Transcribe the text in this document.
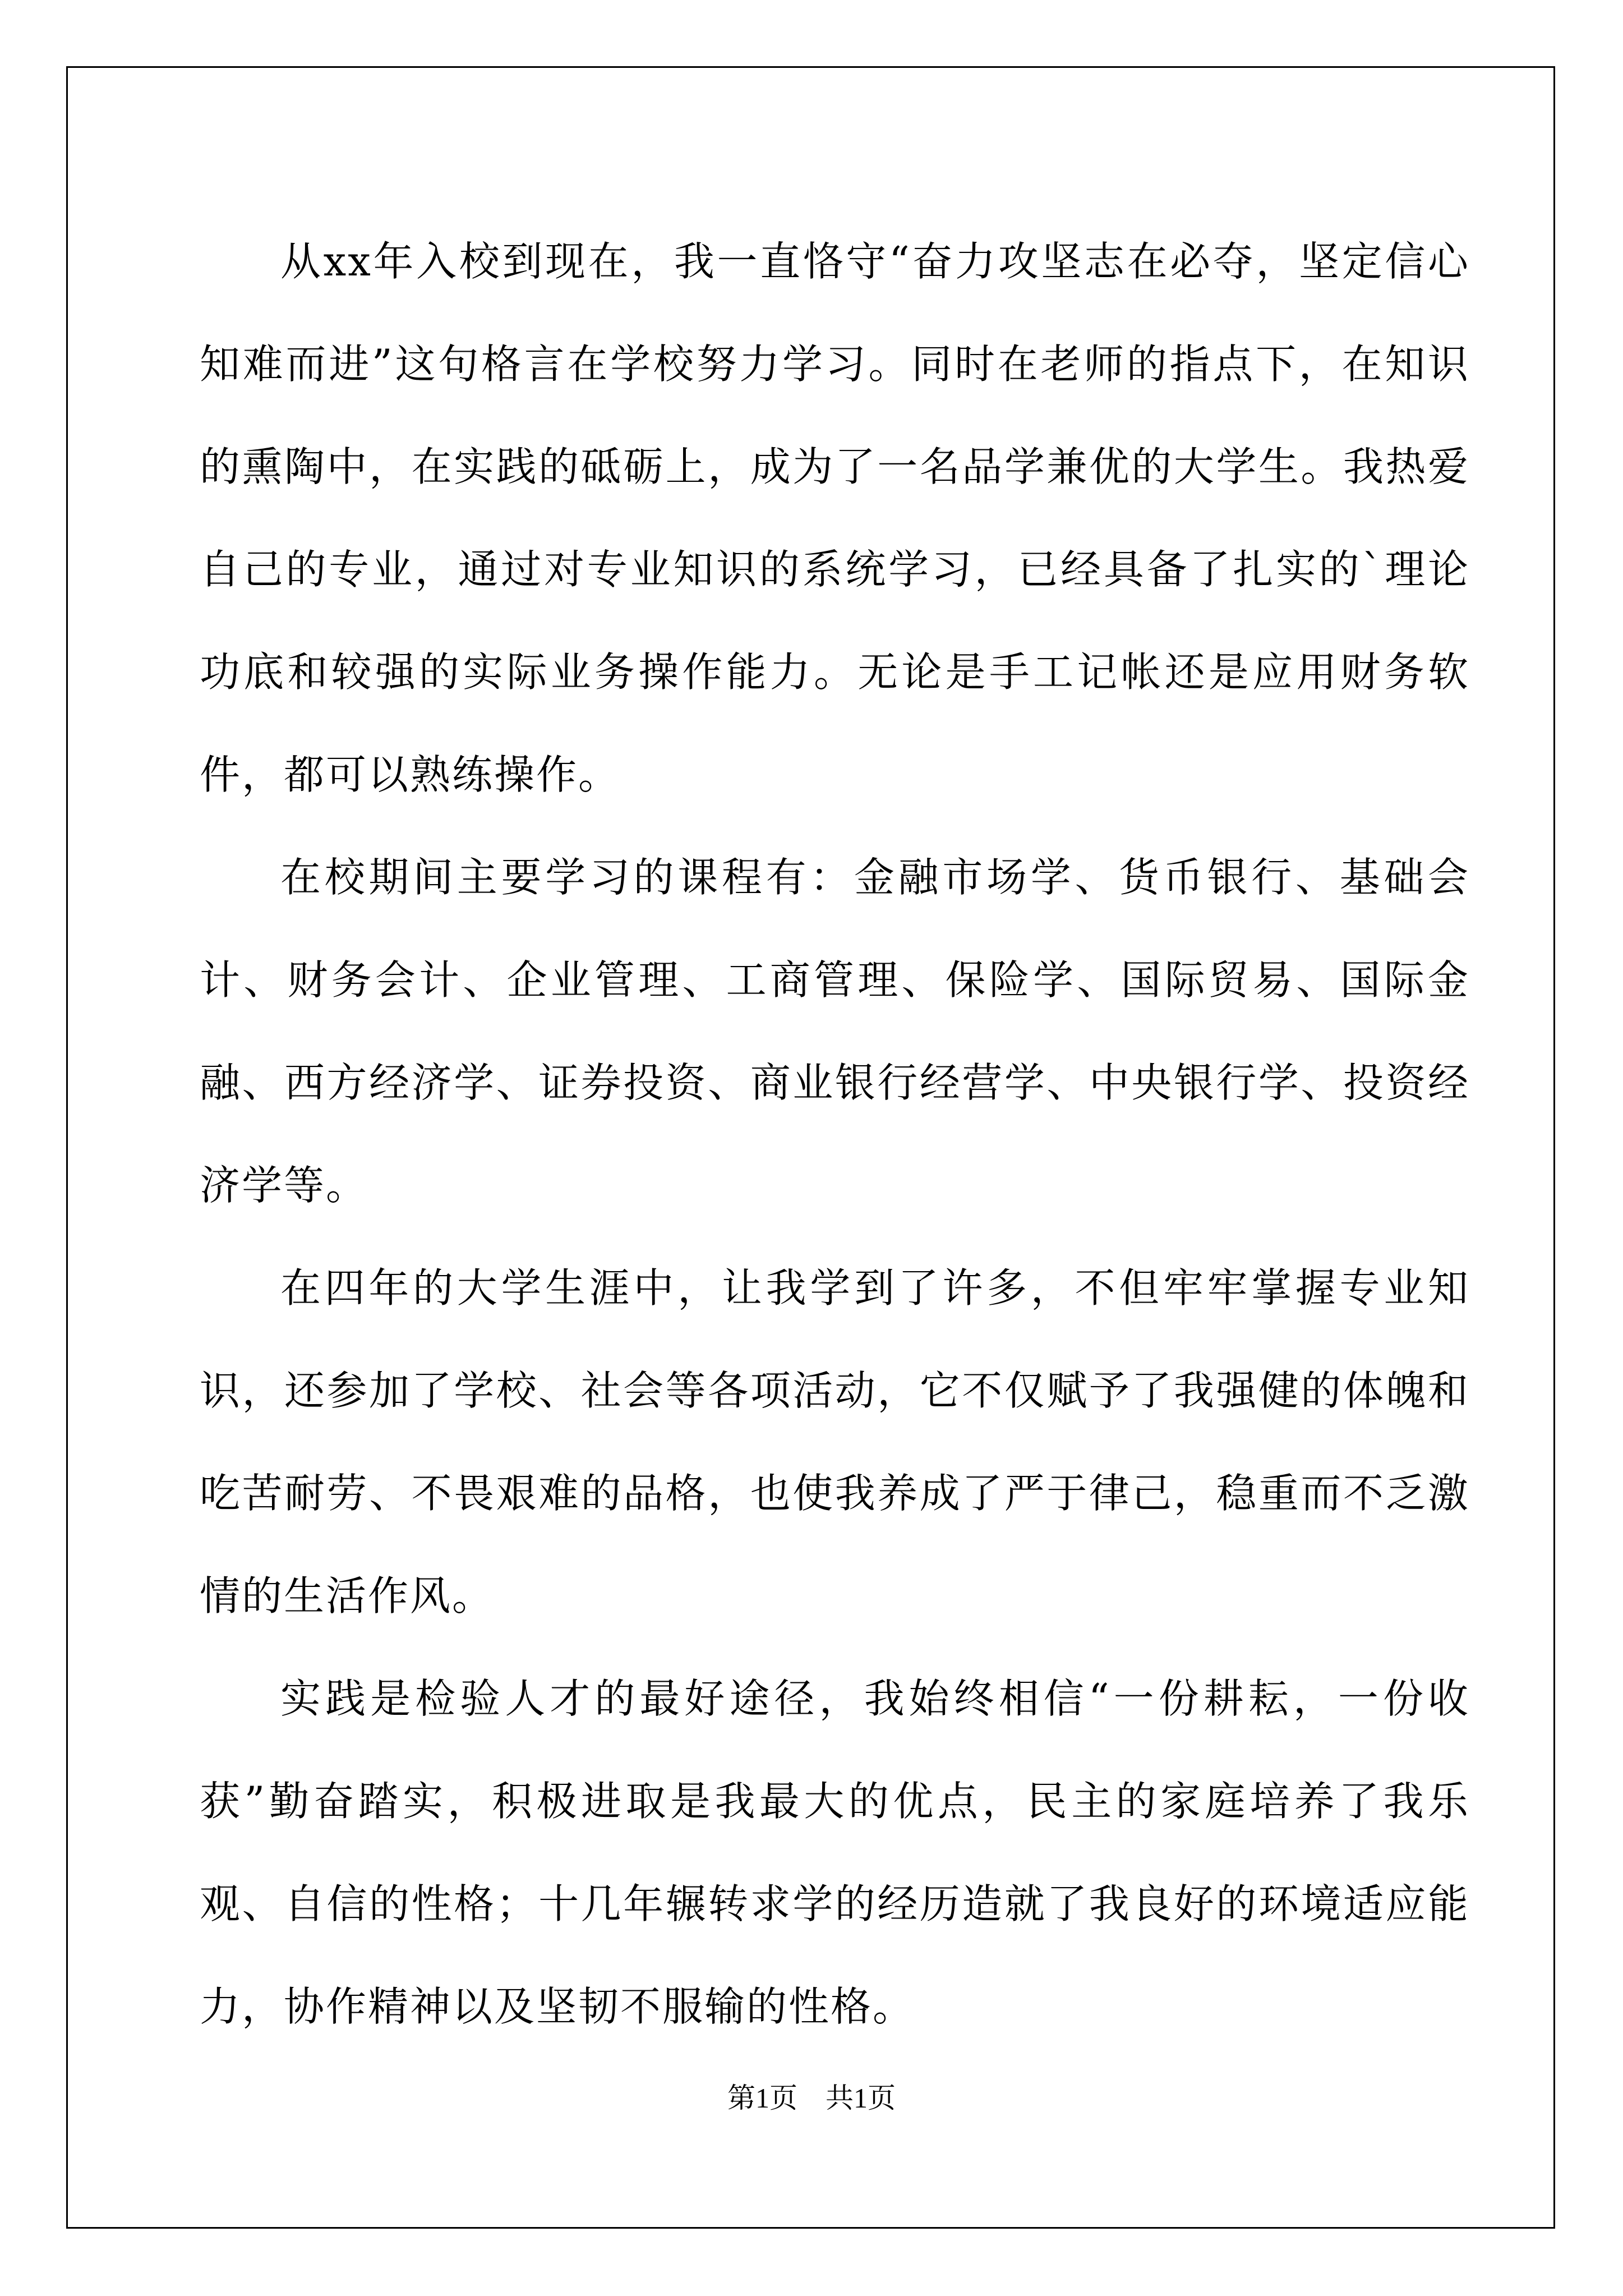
从xx年入校到现在，我一直恪守“奋力攻坚志在必夺，坚定信心知难而进”这句格言在学校努力学习。同时在老师的指点下，在知识的熏陶中，在实践的砥砺上，成为了一名品学兼优的大学生。我热爱自己的专业，通过对专业知识的系统学习，已经具备了扎实的`理论功底和较强的实际业务操作能力。无论是手工记帐还是应用财务软件，都可以熟练操作。

在校期间主要学习的课程有：金融市场学、货币银行、基础会计、财务会计、企业管理、工商管理、保险学、国际贸易、国际金融、西方经济学、证券投资、商业银行经营学、中央银行学、投资经济学等。

在四年的大学生涯中，让我学到了许多，不但牢牢掌握专业知识，还参加了学校、社会等各项活动，它不仅赋予了我强健的体魄和吃苦耐劳、不畏艰难的品格，也使我养成了严于律己，稳重而不乏激情的生活作风。

实践是检验人才的最好途径，我始终相信“一份耕耘，一份收获”勤奋踏实，积极进取是我最大的优点，民主的家庭培养了我乐观、自信的性格；十几年辗转求学的经历造就了我良好的环境适应能力，协作精神以及坚韧不服输的性格。

第1页 共1页
